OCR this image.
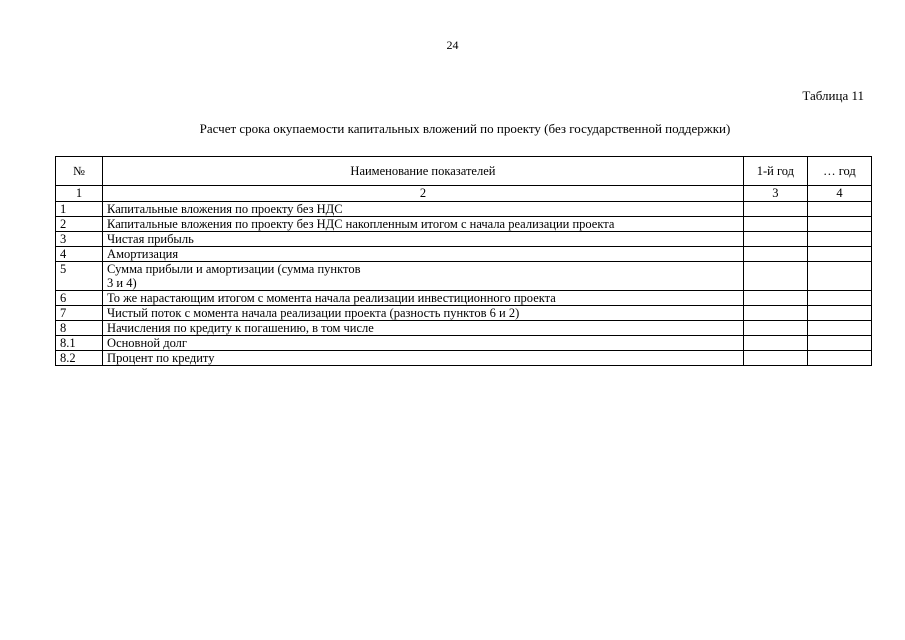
24
Таблица 11
Расчет срока окупаемости капитальных вложений по проекту (без государственной поддержки)
№	Наименование показателей	1-й год	… год
1	2	3	4
1	Капитальные вложения по проекту без НДС		
2	Капитальные вложения по проекту без НДС накопленным итогом с начала реализации проекта		
3	Чистая прибыль		
4	Амортизация		
5	Сумма прибыли и амортизации (сумма пунктов
3 и 4)		
6	То же нарастающим итогом с момента начала реализации инвестиционного проекта		
7	Чистый поток с момента начала реализации проекта (разность пунктов 6 и 2)		
8	Начисления по кредиту к погашению, в том числе		
8.1	Основной долг		
8.2	Процент по кредиту		
